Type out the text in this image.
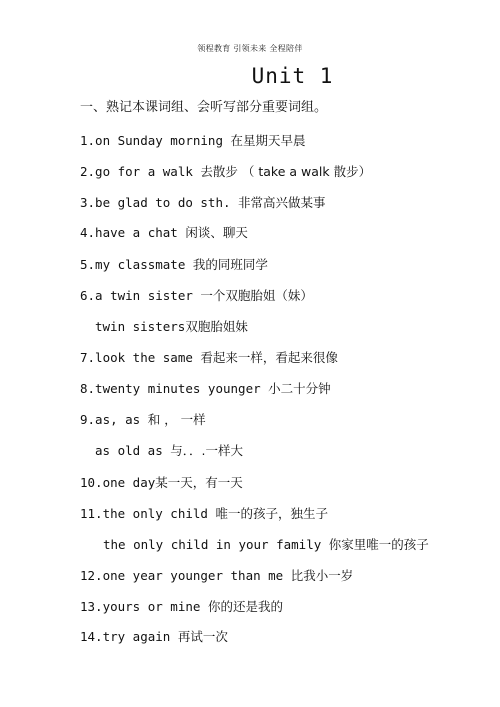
领程教育 引领未来 全程陪伴
Unit 1
一、熟记本课词组、会听写部分重要词组。
1.on Sunday morning 在星期天早晨
2.go for a walk 去散步 （ take a walk 散步）
3.be glad to do sth. 非常高兴做某事
4.have a chat 闲谈、聊天
5.my classmate 我的同班同学
6.a twin sister 一个双胞胎姐（妹）
twin sisters双胞胎姐妹
7.look the same 看起来一样，看起来很像
8.twenty minutes younger 小二十分钟
9.as, as 和 ， 一样
as old as 与．．.一样大
10.one day某一天，有一天
11.the only child 唯一的孩子，独生子
the only child in your family 你家里唯一的孩子
12.one year younger than me 比我小一岁
13.yours or mine 你的还是我的
14.try again 再试一次
